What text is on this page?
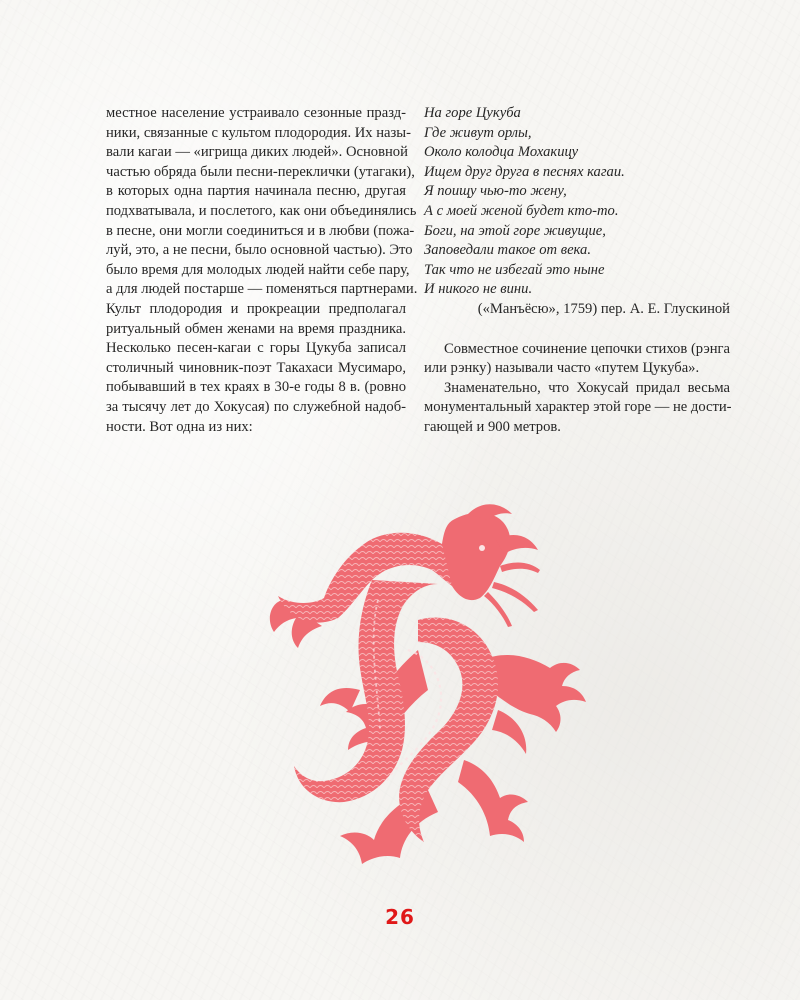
местное население устраивало сезонные празд-
ники, связанные с культом плодородия. Их назы-
вали кагаи — «игрища диких людей». Основной
частью обряда были песни-переклички (утагаки),
в которых одна партия начинала песню, другая
подхватывала, и послетого, как они объединялись
в песне, они могли соединиться и в любви (пожа-
луй, это, а не песни, было основной частью). Это
было время для молодых людей найти себе пару,
а для людей постарше — поменяться партнерами.
Культ плодородия и прокреации предполагал
ритуальный обмен женами на время праздника.
Несколько песен-кагаи с горы Цукуба записал
столичный чиновник-поэт Такахаси Мусимаро,
побывавший в тех краях в 30-е годы 8 в. (ровно
за тысячу лет до Хокусая) по служебной надоб-
ности. Вот одна из них:
На горе Цукуба
Где живут орлы,
Около колодца Мохакицу
Ищем друг друга в песнях кагаи.
Я поищу чью-то жену,
А с моей женой будет кто-то.
Боги, на этой горе живущие,
Заповедали такое от века.
Так что не избегай это ныне
И никого не вини.
(«Манъёсю», 1759) пер. А. Е. Глускиной
Совместное сочинение цепочки стихов (рэнга
или рэнку) называли часто «путем Цукуба».
Знаменательно, что Хокусай придал весьма
монументальный характер этой горе — не дости-
гающей и 900 метров.
26
